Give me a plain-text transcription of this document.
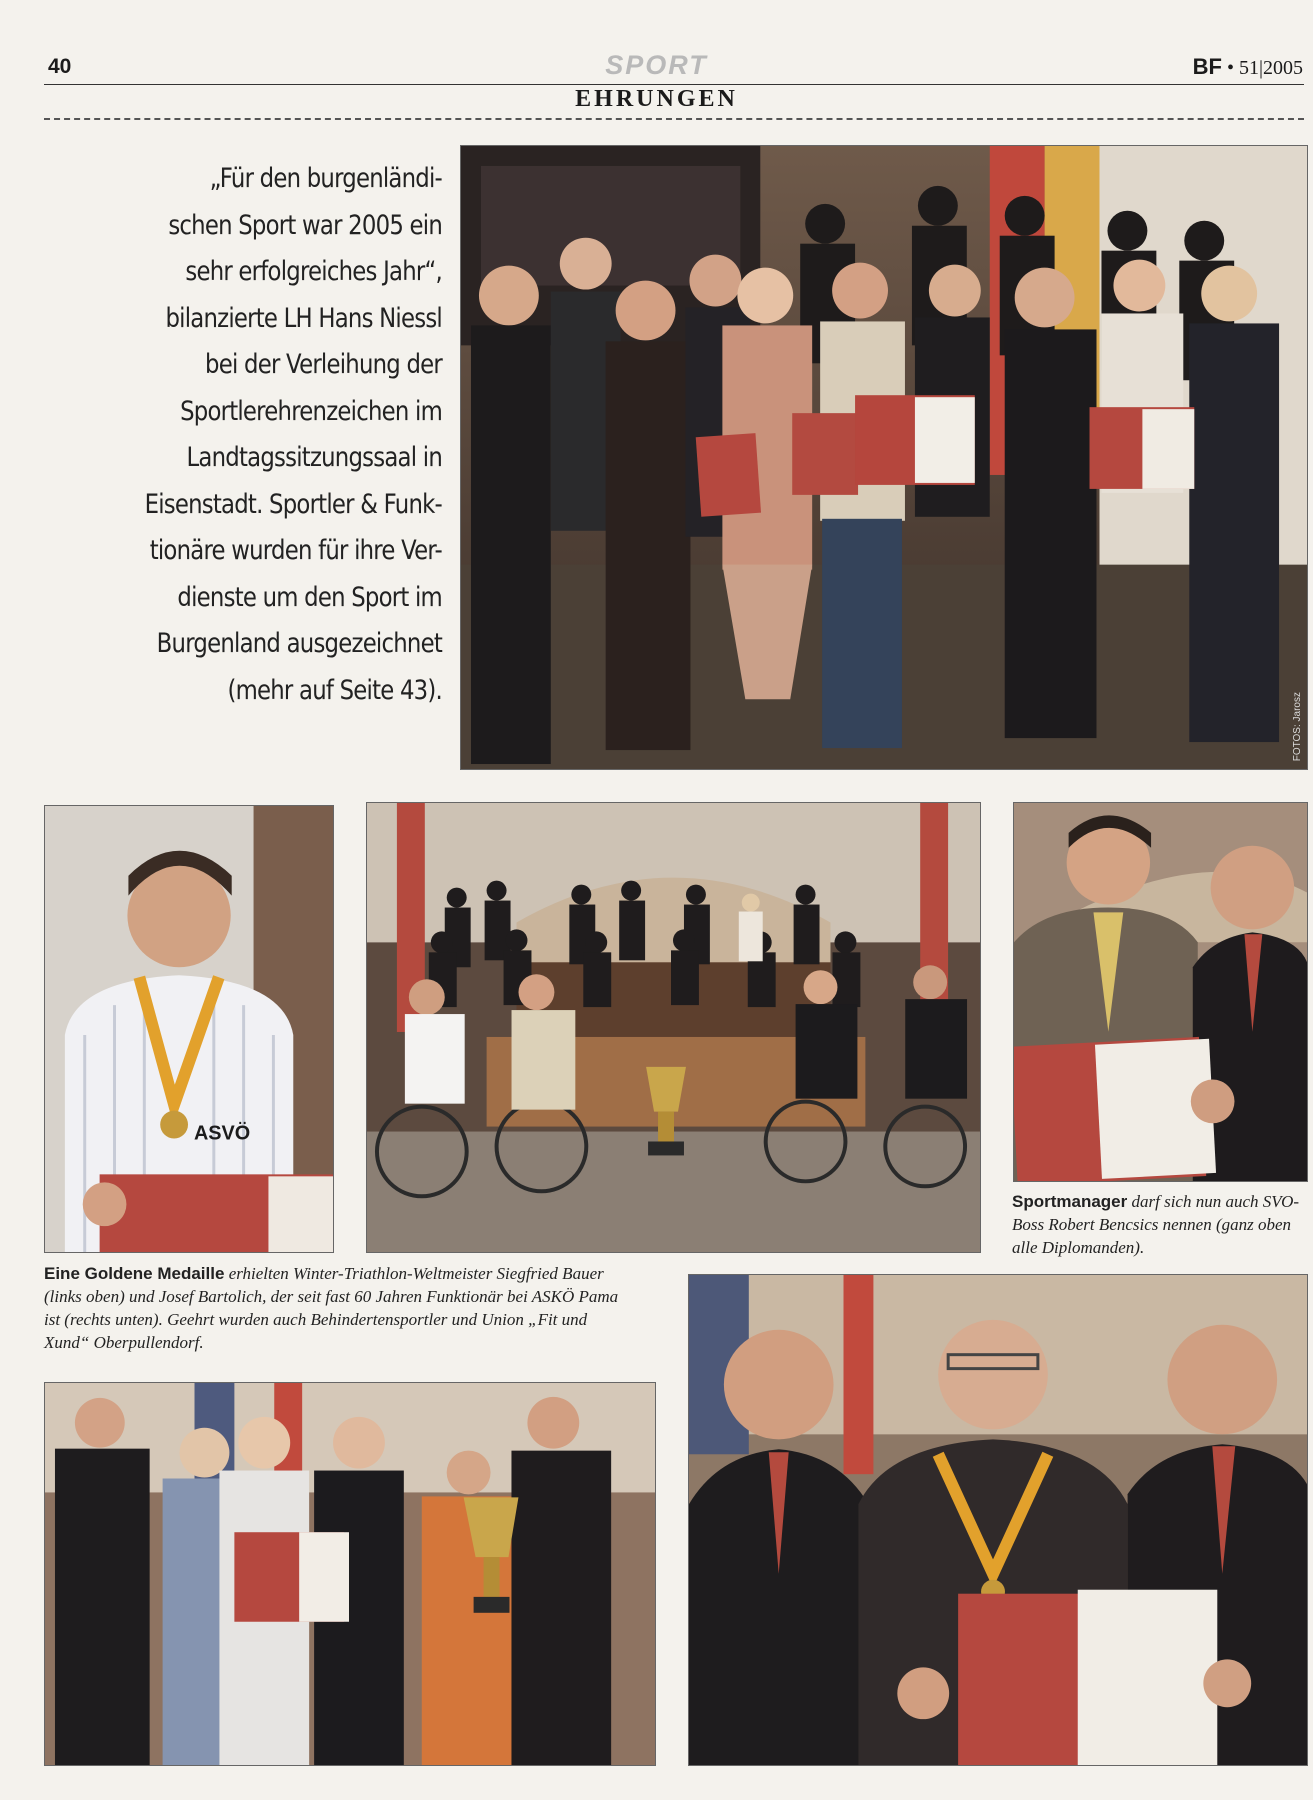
40	SPORT	BF • 51|2005
EHRUNGEN
„Für den burgenländi-
schen Sport war 2005 ein
sehr erfolgreiches Jahr“,
bilanzierte LH Hans Niessl
bei der Verleihung der
Sportlerehrenzeichen im
Landtagssitzungssaal in
Eisenstadt. Sportler & Funk-
tionäre wurden für ihre Ver-
dienste um den Sport im
Burgenland ausgezeichnet
(mehr auf Seite 43).
FOTOS: Jarosz
ASVÖ
Sportmanager darf sich nun auch SVO-Boss Robert Bencsics nennen (ganz oben alle Diplomanden).
Eine Goldene Medaille erhielten Winter-Triathlon-Weltmeister Siegfried Bauer (links oben) und Josef Bartolich, der seit fast 60 Jahren Funktionär bei ASKÖ Pama ist (rechts unten). Geehrt wurden auch Behindertensportler und Union „Fit und Xund“ Oberpullendorf.
